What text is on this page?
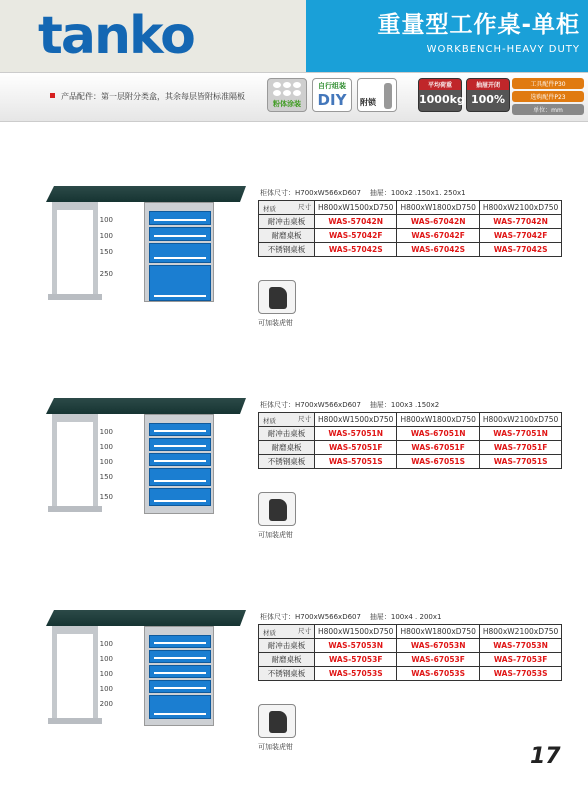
tanko	重量型工作桌-单柜
WORKBENCH-HEAVY DUTY
产品配件：第一层附分类盒，其余每层皆附标准隔板
粉体涂装
自行组装
DIY	附锁
平均荷重
1000kg
抽屉开闭
100%
工具配件P30
选购配件P23
单位：mm
100
100
150
250
柜体尺寸：H700xW566xD607 抽屉：100x2 .150x1. 250x1
尺寸
材质	H800xW1500xD750	H800xW1800xD750	H800xW2100xD750
耐冲击桌板	WAS-57042N	WAS-67042N	WAS-77042N
耐磨桌板	WAS-57042F	WAS-67042F	WAS-77042F
不锈钢桌板	WAS-57042S	WAS-67042S	WAS-77042S
可加装虎钳
100
100
100
150
150
柜体尺寸：H700xW566xD607 抽屉：100x3 .150x2
尺寸
材质	H800xW1500xD750	H800xW1800xD750	H800xW2100xD750
耐冲击桌板	WAS-57051N	WAS-67051N	WAS-77051N
耐磨桌板	WAS-57051F	WAS-67051F	WAS-77051F
不锈钢桌板	WAS-57051S	WAS-67051S	WAS-77051S
可加装虎钳
100
100
100
100
200
柜体尺寸：H700xW566xD607 抽屉：100x4 . 200x1
尺寸
材质	H800xW1500xD750	H800xW1800xD750	H800xW2100xD750
耐冲击桌板	WAS-57053N	WAS-67053N	WAS-77053N
耐磨桌板	WAS-57053F	WAS-67053F	WAS-77053F
不锈钢桌板	WAS-57053S	WAS-67053S	WAS-77053S
可加装虎钳	17
